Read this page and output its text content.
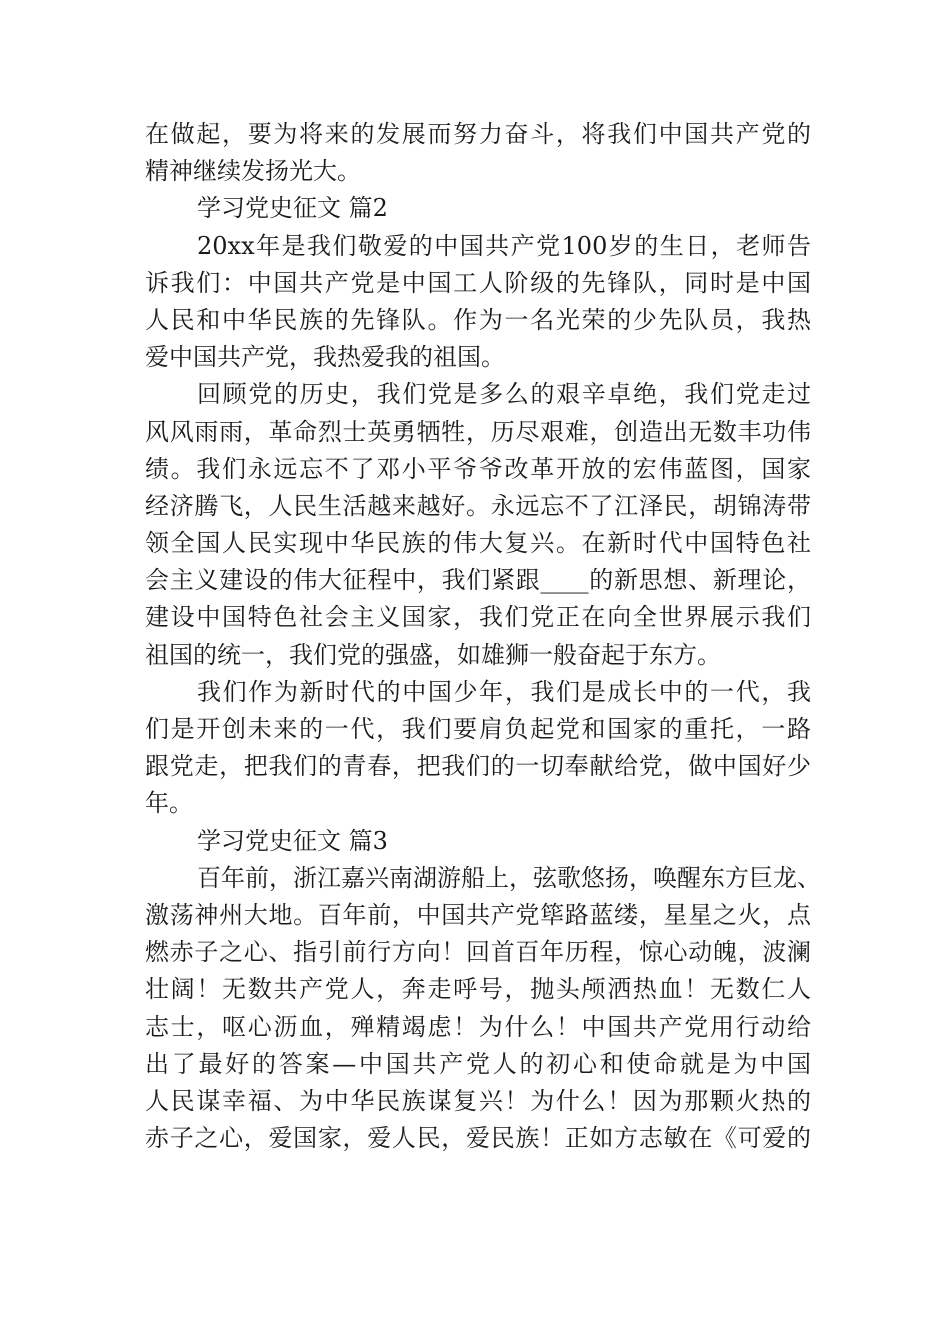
在做起，要为将来的发展而努力奋斗，将我们中国共产党的
精神继续发扬光大。
学习党史征文 篇2
20xx年是我们敬爱的中国共产党100岁的生日，老师告
诉我们：中国共产党是中国工人阶级的先锋队，同时是中国
人民和中华民族的先锋队。作为一名光荣的少先队员，我热
爱中国共产党，我热爱我的祖国。
回顾党的历史，我们党是多么的艰辛卓绝，我们党走过
风风雨雨，革命烈士英勇牺牲，历尽艰难，创造出无数丰功伟
绩。我们永远忘不了邓小平爷爷改革开放的宏伟蓝图，国家
经济腾飞，人民生活越来越好。永远忘不了江泽民，胡锦涛带
领全国人民实现中华民族的伟大复兴。在新时代中国特色社
会主义建设的伟大征程中，我们紧跟____的新思想、新理论，
建设中国特色社会主义国家，我们党正在向全世界展示我们
祖国的统一，我们党的强盛，如雄狮一般奋起于东方。
我们作为新时代的中国少年，我们是成长中的一代，我
们是开创未来的一代，我们要肩负起党和国家的重托，一路
跟党走，把我们的青春，把我们的一切奉献给党，做中国好少
年。
学习党史征文 篇3
百年前，浙江嘉兴南湖游船上，弦歌悠扬，唤醒东方巨龙、
激荡神州大地。百年前，中国共产党筚路蓝缕，星星之火，点
燃赤子之心、指引前行方向！回首百年历程，惊心动魄，波澜
壮阔！无数共产党人，奔走呼号，抛头颅洒热血！无数仁人
志士，呕心沥血，殚精竭虑！为什么！中国共产党用行动给
出了最好的答案—中国共产党人的初心和使命就是为中国
人民谋幸福、为中华民族谋复兴！为什么！因为那颗火热的
赤子之心，爱国家，爱人民，爱民族！正如方志敏在《可爱的
